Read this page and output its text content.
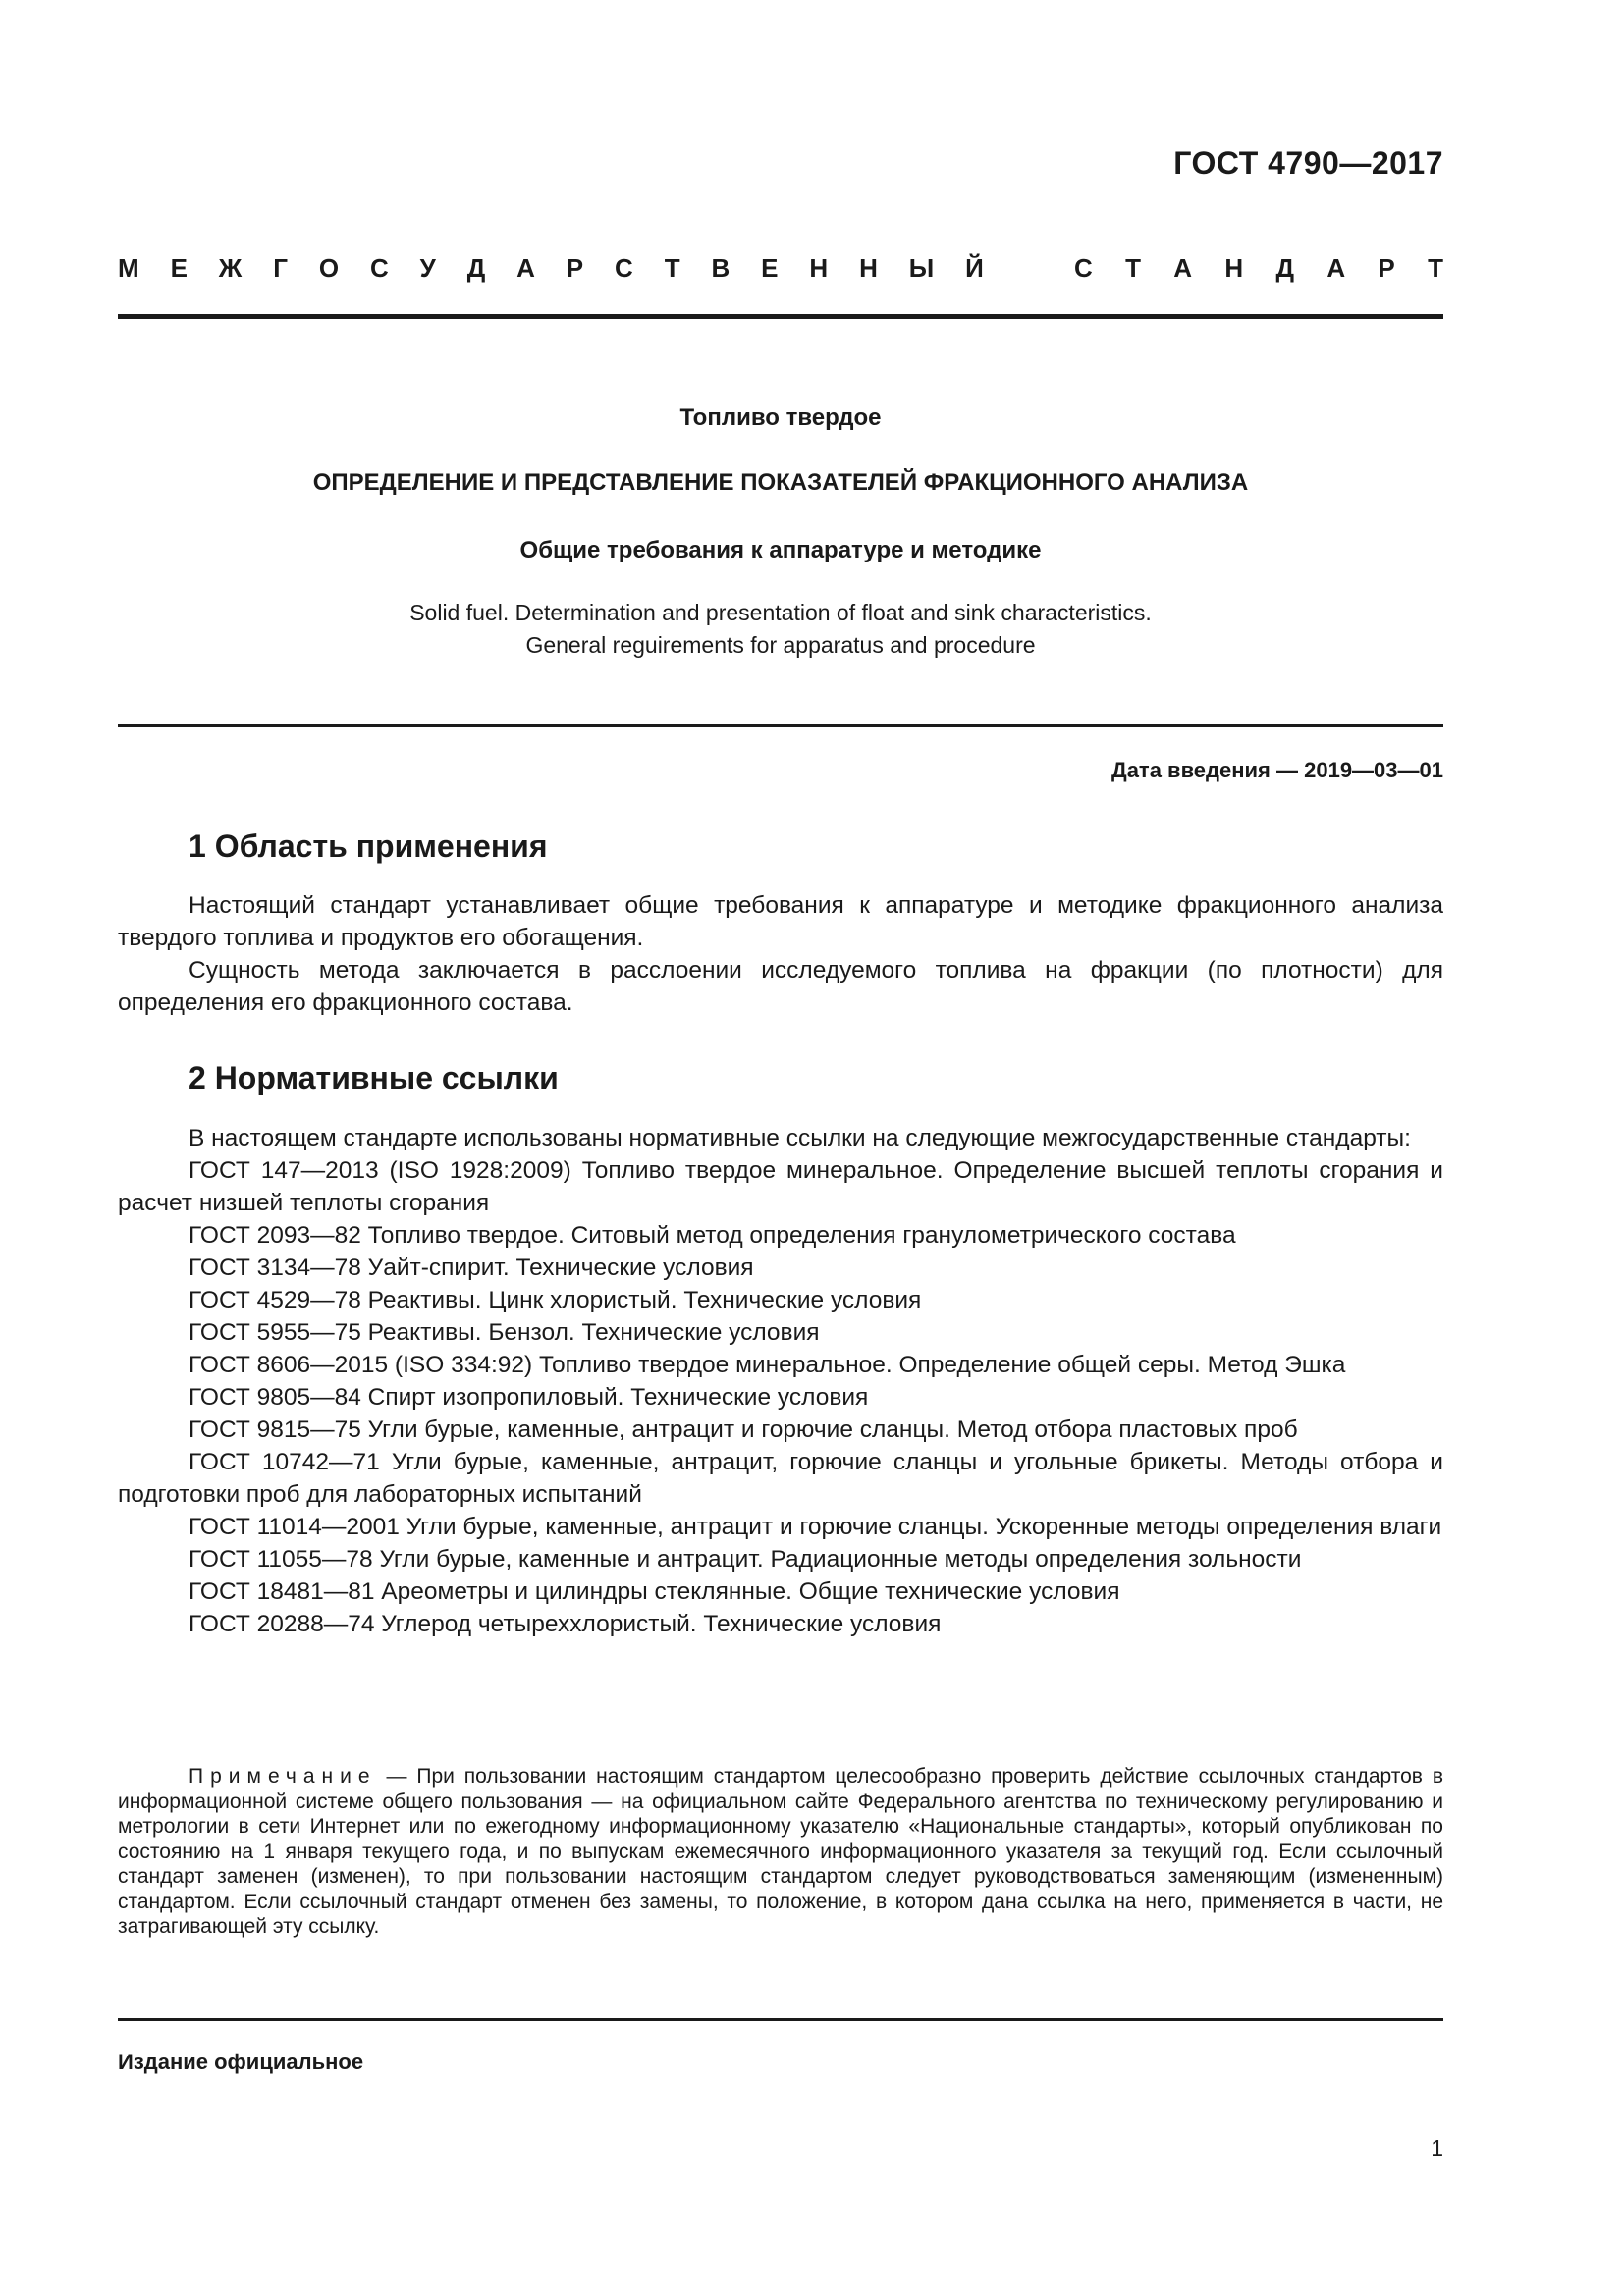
ГОСТ 4790—2017
М Е Ж Г О С У Д А Р С Т В Е Н Н Ы Й	С Т А Н Д А Р Т
Топливо твердое
ОПРЕДЕЛЕНИЕ И ПРЕДСТАВЛЕНИЕ ПОКАЗАТЕЛЕЙ ФРАКЦИОННОГО АНАЛИЗА
Общие требования к аппаратуре и методике
Solid fuel. Determination and presentation of float and sink characteristics.
General reguirements for apparatus and procedure
Дата введения — 2019—03—01
1 Область применения

Настоящий стандарт устанавливает общие требования к аппаратуре и методике фракционного анализа твердого топлива и продуктов его обогащения.

Сущность метода заключается в расслоении исследуемого топлива на фракции (по плотности) для определения его фракционного состава.

2 Нормативные ссылки

В настоящем стандарте использованы нормативные ссылки на следующие межгосударственные стандарты:

ГОСТ 147—2013 (ISO 1928:2009) Топливо твердое минеральное. Определение высшей теплоты сгорания и расчет низшей теплоты сгорания

ГОСТ 2093—82 Топливо твердое. Ситовый метод определения гранулометрического состава

ГОСТ 3134—78 Уайт-спирит. Технические условия

ГОСТ 4529—78 Реактивы. Цинк хлористый. Технические условия

ГОСТ 5955—75 Реактивы. Бензол. Технические условия

ГОСТ 8606—2015 (ISO 334:92) Топливо твердое минеральное. Определение общей серы. Метод Эшка

ГОСТ 9805—84 Спирт изопропиловый. Технические условия

ГОСТ 9815—75 Угли бурые, каменные, антрацит и горючие сланцы. Метод отбора пластовых проб

ГОСТ 10742—71 Угли бурые, каменные, антрацит, горючие сланцы и угольные брикеты. Методы отбора и подготовки проб для лабораторных испытаний

ГОСТ 11014—2001 Угли бурые, каменные, антрацит и горючие сланцы. Ускоренные методы определения влаги

ГОСТ 11055—78 Угли бурые, каменные и антрацит. Радиационные методы определения зольности

ГОСТ 18481—81 Ареометры и цилиндры стеклянные. Общие технические условия

ГОСТ 20288—74 Углерод четыреххлористый. Технические условия

Примечание — При пользовании настоящим стандартом целесообразно проверить действие ссылочных стандартов в информационной системе общего пользования — на официальном сайте Федерального агентства по техническому регулированию и метрологии в сети Интернет или по ежегодному информационному указателю «Национальные стандарты», который опубликован по состоянию на 1 января текущего года, и по выпускам ежемесячного информационного указателя за текущий год. Если ссылочный стандарт заменен (изменен), то при пользовании настоящим стандартом следует руководствоваться заменяющим (измененным) стандартом. Если ссылочный стандарт отменен без замены, то положение, в котором дана ссылка на него, применяется в части, не затрагивающей эту ссылку.
Издание официальное
1
